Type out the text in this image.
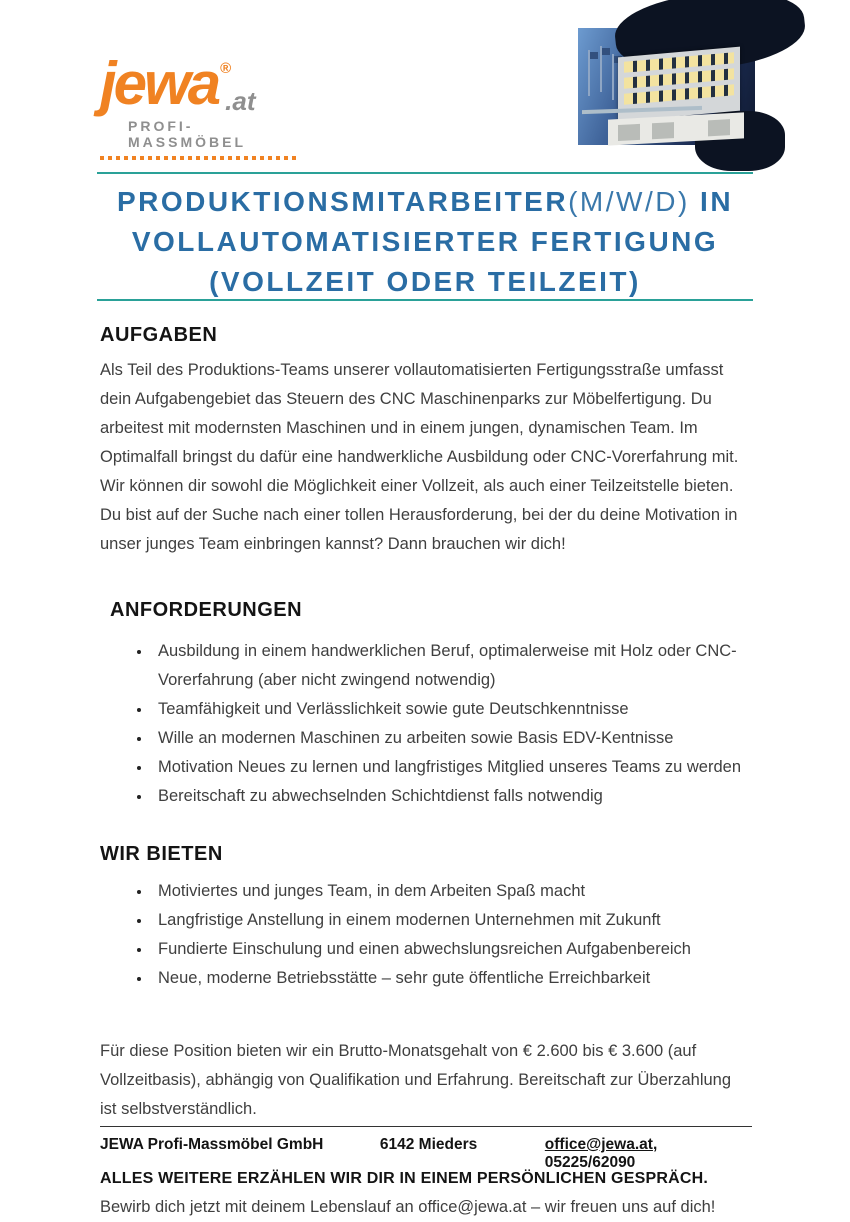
jewa ®
.at
PROFI-MASSMÖBEL
PRODUKTIONSMITARBEITER(M/W/D) IN
VOLLAUTOMATISIERTER FERTIGUNG
(VOLLZEIT ODER TEILZEIT)
AUFGABEN

Als Teil des Produktions-Teams unserer vollautomatisierten Fertigungsstraße umfasst dein Aufgabengebiet das Steuern des CNC Maschinenparks zur Möbelfertigung. Du arbeitest mit modernsten Maschinen und in einem jungen, dynamischen Team. Im Optimalfall bringst du dafür eine handwerkliche Ausbildung oder CNC-Vorerfahrung mit. Wir können dir sowohl die Möglichkeit einer Vollzeit, als auch einer Teilzeitstelle bieten.

Du bist auf der Suche nach einer tollen Herausforderung, bei der du deine Motivation in unser junges Team einbringen kannst? Dann brauchen wir dich!

ANFORDERUNGEN
• Ausbildung in einem handwerklichen Beruf, optimalerweise mit Holz oder CNC-Vorerfahrung (aber nicht zwingend notwendig)
• Teamfähigkeit und Verlässlichkeit sowie gute Deutschkenntnisse
• Wille an modernen Maschinen zu arbeiten sowie Basis EDV-Kentnisse
• Motivation Neues zu lernen und langfristiges Mitglied unseres Teams zu werden
• Bereitschaft zu abwechselnden Schichtdienst falls notwendig
WIR BIETEN
• Motiviertes und junges Team, in dem Arbeiten Spaß macht
• Langfristige Anstellung in einem modernen Unternehmen mit Zukunft
• Fundierte Einschulung und einen abwechslungsreichen Aufgabenbereich
• Neue, moderne Betriebsstätte – sehr gute öffentliche Erreichbarkeit

Für diese Position bieten wir ein Brutto-Monatsgehalt von € 2.600 bis € 3.600 (auf Vollzeitbasis), abhängig von Qualifikation und Erfahrung. Bereitschaft zur Überzahlung ist selbstverständlich.

ALLES WEITERE ERZÄHLEN WIR DIR IN EINEM PERSÖNLICHEN GESPRÄCH.

Bewirb dich jetzt mit deinem Lebenslauf an office@jewa.at – wir freuen uns auf dich!

JEWA Profi-Massmöbel GmbH	6142 Mieders	office@jewa.at, 05225/62090
